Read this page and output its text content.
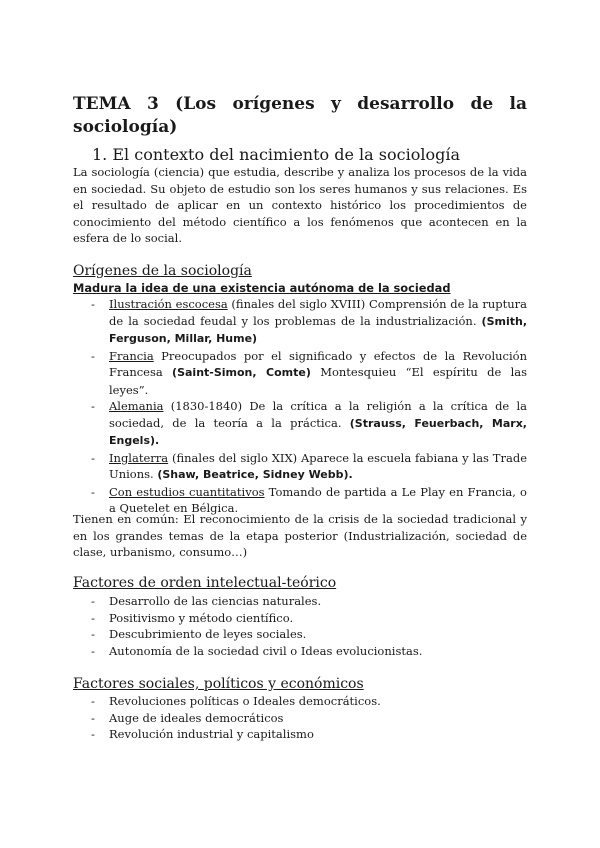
TEMA 3 (Los orígenes y desarrollo de la sociología)
1. El contexto del nacimiento de la sociología
La sociología (ciencia) que estudia, describe y analiza los procesos de la vida en sociedad. Su objeto de estudio son los seres humanos y sus relaciones. Es el resultado de aplicar en un contexto histórico los procedimientos de conocimiento del método científico a los fenómenos que acontecen en la esfera de lo social.
Orígenes de la sociología
Madura la idea de una existencia autónoma de la sociedad
- Ilustración escocesa (finales del siglo XVIII) Comprensión de la ruptura de la sociedad feudal y los problemas de la industrialización. (Smith, Ferguson, Millar, Hume)
- Francia Preocupados por el significado y efectos de la Revolución Francesa (Saint-Simon, Comte) Montesquieu “El espíritu de las leyes”.
- Alemania (1830-1840) De la crítica a la religión a la crítica de la sociedad, de la teoría a la práctica. (Strauss, Feuerbach, Marx, Engels).
- Inglaterra (finales del siglo XIX) Aparece la escuela fabiana y las Trade Unions. (Shaw, Beatrice, Sidney Webb).
- Con estudios cuantitativos Tomando de partida a Le Play en Francia, o a Quetelet en Bélgica.
Tienen en común: El reconocimiento de la crisis de la sociedad tradicional y en los grandes temas de la etapa posterior (Industrialización, sociedad de clase, urbanismo, consumo…)
Factores de orden intelectual-teórico
- Desarrollo de las ciencias naturales.
- Positivismo y método científico.
- Descubrimiento de leyes sociales.
- Autonomía de la sociedad civil o Ideas evolucionistas.
Factores sociales, políticos y económicos
- Revoluciones políticas o Ideales democráticos.
- Auge de ideales democráticos
- Revolución industrial y capitalismo
